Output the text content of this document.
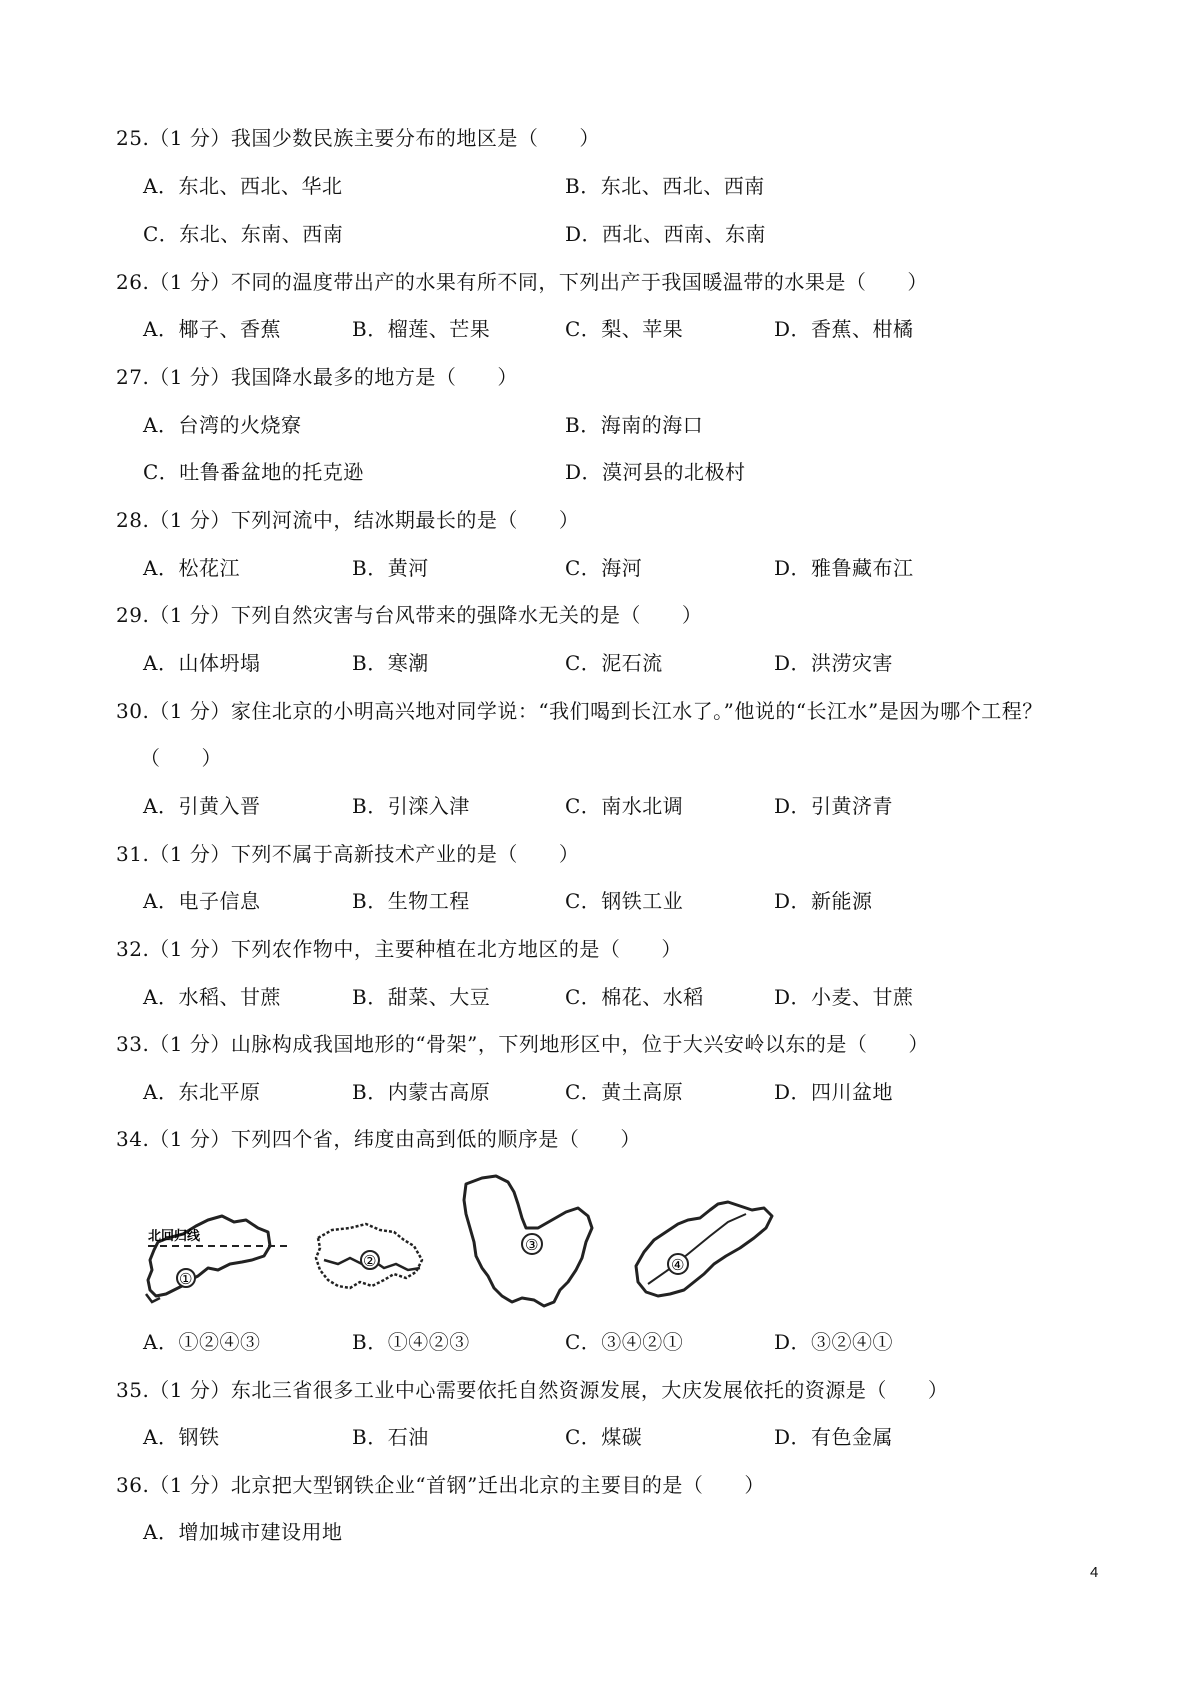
25.（1 分）我国少数民族主要分布的地区是（　　）
A．东北、西北、华北	B．东北、西北、西南
C．东北、东南、西南	D．西北、西南、东南
26.（1 分）不同的温度带出产的水果有所不同，下列出产于我国暖温带的水果是（　　）
A．椰子、香蕉	B．榴莲、芒果	C．梨、苹果	D．香蕉、柑橘
27.（1 分）我国降水最多的地方是（　　）
A．台湾的火烧寮	B．海南的海口
C．吐鲁番盆地的托克逊	D．漠河县的北极村
28.（1 分）下列河流中，结冰期最长的是（　　）
A．松花江	B．黄河	C．海河	D．雅鲁藏布江
29.（1 分）下列自然灾害与台风带来的强降水无关的是（　　）
A．山体坍塌	B．寒潮	C．泥石流	D．洪涝灾害
30.（1 分）家住北京的小明高兴地对同学说：“我们喝到长江水了。”他说的“长江水”是因为哪个工程？
（　　）
A．引黄入晋	B．引滦入津	C．南水北调	D．引黄济青
31.（1 分）下列不属于高新技术产业的是（　　）
A．电子信息	B．生物工程	C．钢铁工业	D．新能源
32.（1 分）下列农作物中，主要种植在北方地区的是（　　）
A．水稻、甘蔗	B．甜菜、大豆	C．棉花、水稻	D．小麦、甘蔗
33.（1 分）山脉构成我国地形的“骨架”，下列地形区中，位于大兴安岭以东的是（　　）
A．东北平原	B．内蒙古高原	C．黄土高原	D．四川盆地
34.（1 分）下列四个省，纬度由高到低的顺序是（　　）
北回归线
①
②
③
④
A．①②④③	B．①④②③	C．③④②①	D．③②④①
35.（1 分）东北三省很多工业中心需要依托自然资源发展，大庆发展依托的资源是（　　）
A．钢铁	B．石油	C．煤碳	D．有色金属
36.（1 分）北京把大型钢铁企业“首钢”迁出北京的主要目的是（　　）
A．增加城市建设用地
4
